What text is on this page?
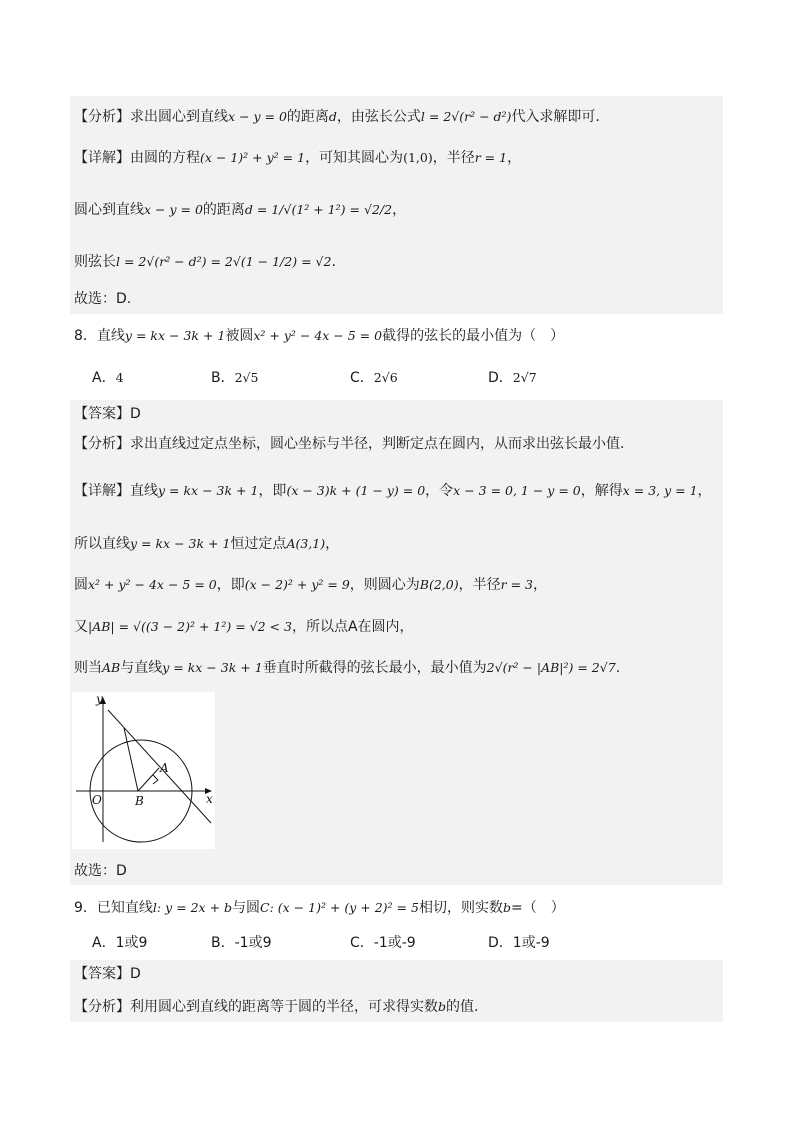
【分析】求出圆心到直线x − y = 0的距离d，由弦长公式l = 2√(r² − d²)代入求解即可.
【详解】由圆的方程(x − 1)² + y² = 1，可知其圆心为(1,0)，半径r = 1，
圆心到直线x − y = 0的距离d = 1/√(1² + 1²) = √2/2，
则弦长l = 2√(r² − d²) = 2√(1 − 1/2) = √2.
故选：D.
8．直线y = kx − 3k + 1被圆x² + y² − 4x − 5 = 0截得的弦长的最小值为（　）
A．4	B．2√5	C．2√6	D．2√7
【答案】D
【分析】求出直线过定点坐标，圆心坐标与半径，判断定点在圆内，从而求出弦长最小值.
【详解】直线y = kx − 3k + 1，即(x − 3)k + (1 − y) = 0，令x − 3 = 0, 1 − y = 0，解得x = 3, y = 1，
所以直线y = kx − 3k + 1恒过定点A(3,1)，
圆x² + y² − 4x − 5 = 0，即(x − 2)² + y² = 9，则圆心为B(2,0)，半径r = 3，
又|AB| = √((3 − 2)² + 1²) = √2 < 3，所以点A在圆内，
则当AB与直线y = kx − 3k + 1垂直时所截得的弦长最小，最小值为2√(r² − |AB|²) = 2√7.
y
x
O	B
A
故选：D
9．已知直线l: y = 2x + b与圆C: (x − 1)² + (y + 2)² = 5相切，则实数b=（　）
A．1或9	B．-1或9	C．-1或-9	D．1或-9
【答案】D
【分析】利用圆心到直线的距离等于圆的半径，可求得实数b的值.
